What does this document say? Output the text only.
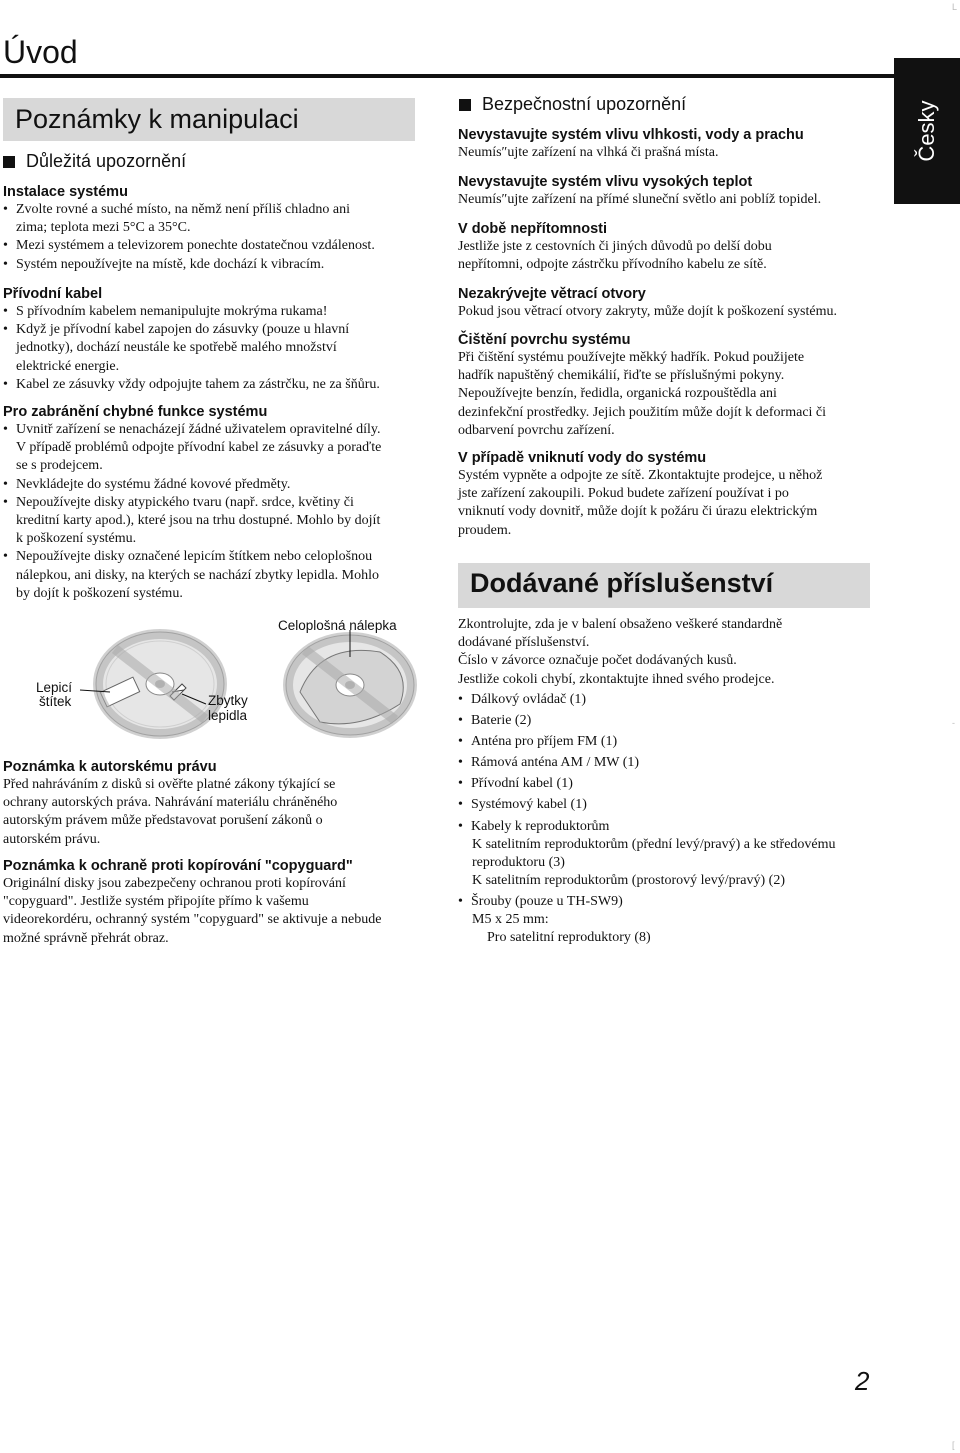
Úvod
Česky
Poznámky k manipulaci
Důležitá upozornění

Instalace systému

• Zvolte rovné a suché místo, na němž není příliš chladno ani

zima; teplota mezi 5°C a 35°C.

• Mezi systémem a televizorem ponechte dostatečnou vzdálenost.

• Systém nepoužívejte na místě, kde dochází k vibracím.

Přívodní kabel

• S přívodním kabelem nemanipulujte mokrýma rukama!

• Když je přívodní kabel zapojen do zásuvky (pouze u hlavní

jednotky), dochází neustále ke spotřebě malého množství

elektrické energie.

• Kabel ze zásuvky vždy odpojujte tahem za zástrčku, ne za šňůru.

Pro zabránění chybné funkce systému

• Uvnitř zařízení se nenacházejí žádné uživatelem opravitelné díly.

V případě problémů odpojte přívodní kabel ze zásuvky a poraďte

se s prodejcem.

• Nevkládejte do systému žádné kovové předměty.

• Nepoužívejte disky atypického tvaru (např. srdce, květiny či

kreditní karty apod.), které jsou na trhu dostupné. Mohlo by dojít

k poškození systému.

• Nepoužívejte disky označené lepicím štítkem nebo celoplošnou

nálepkou, ani disky, na kterých se nachází zbytky lepidla. Mohlo

by dojít k poškození systému.

Celoplošná nálepka
Lepicí
štítek	Zbytky
lepidla

Poznámka k autorskému právu

Před nahráváním z disků si ověřte platné zákony týkající se

ochrany autorských práva. Nahrávání materiálu chráněného

autorským právem může představovat porušení zákonů o

autorském právu.

Poznámka k ochraně proti kopírování "copyguard"

Originální disky jsou zabezpečeny ochranou proti kopírování

"copyguard". Jestliže systém připojíte přímo k vašemu

videorekordéru, ochranný systém "copyguard" se aktivuje a nebude

možné správně přehrát obraz.

Bezpečnostní upozornění

Nevystavujte systém vlivu vlhkosti, vody a prachu

Neumís″ujte zařízení na vlhká či prašná místa.

Nevystavujte systém vlivu vysokých teplot

Neumís″ujte zařízení na přímé sluneční světlo ani poblíž topidel.

V době nepřítomnosti

Jestliže jste z cestovních či jiných důvodů po delší dobu

nepřítomni, odpojte zástrčku přívodního kabelu ze sítě.

Nezakrývejte větrací otvory

Pokud jsou větrací otvory zakryty, může dojít k poškození systému.

Čištění povrchu systému

Při čištění systému používejte měkký hadřík. Pokud použijete

hadřík napuštěný chemikálií, řiďte se příslušnými pokyny.

Nepoužívejte benzín, ředidla, organická rozpouštědla ani

dezinfekční prostředky. Jejich použitím může dojít k deformaci či

odbarvení povrchu zařízení.

V případě vniknutí vody do systému

Systém vypněte a odpojte ze sítě. Zkontaktujte prodejce, u něhož

jste zařízení zakoupili. Pokud budete zařízení používat i po

vniknutí vody dovnitř, může dojít k požáru či úrazu elektrickým

proudem.

Dodávané příslušenství

Zkontrolujte, zda je v balení obsaženo veškeré standardně

dodávané příslušenství.

Číslo v závorce označuje počet dodávaných kusů.

Jestliže cokoli chybí, zkontaktujte ihned svého prodejce.

• Dálkový ovládač (1)

• Baterie (2)

• Anténa pro příjem FM (1)

• Rámová anténa AM / MW (1)

• Přívodní kabel (1)

• Systémový kabel (1)

• Kabely k reproduktorům

K satelitním reproduktorům (přední levý/pravý) a ke středovému

reproduktoru (3)

K satelitním reproduktorům (prostorový levý/pravý) (2)

• Šrouby (pouze u TH-SW9)

M5 x 25 mm:

Pro satelitní reproduktory (8)

2
L
-
[
